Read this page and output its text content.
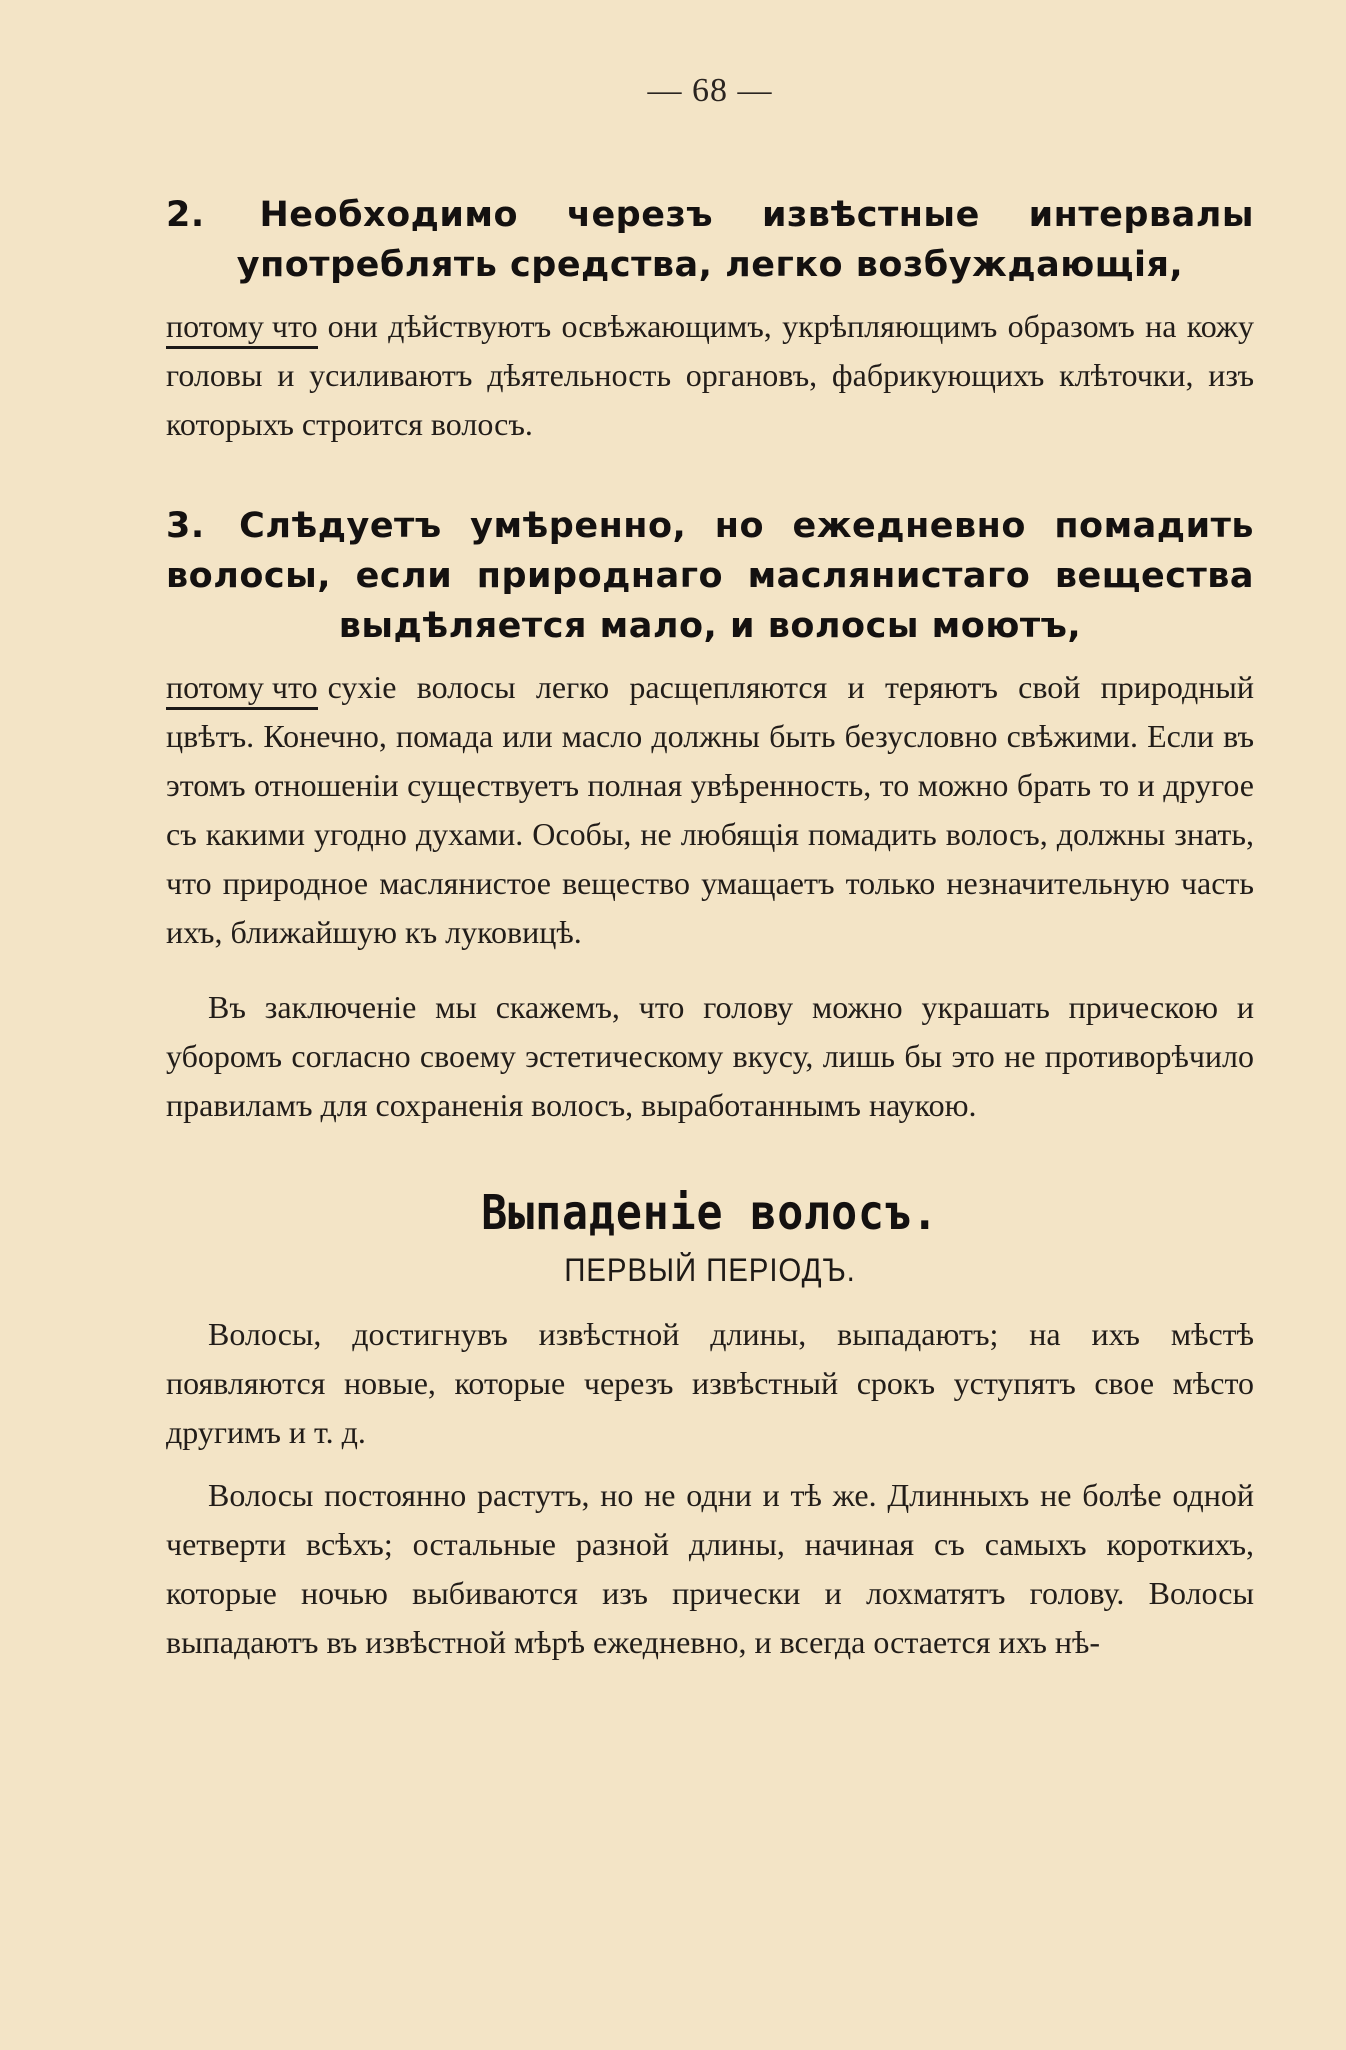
— 68 —
2. Необходимо черезъ извѣстные интервалы употреблять средства, легко возбуждающія,

потому что они дѣйствуютъ освѣжающимъ, укрѣпляющимъ образомъ на кожу головы и усиливаютъ дѣятельность органовъ, фабрикующихъ клѣточки, изъ которыхъ строится волосъ.

3. Слѣдуетъ умѣренно, но ежедневно помадить волосы, если природнаго маслянистаго вещества выдѣляется мало, и волосы моютъ,

потому что сухіе волосы легко расщепляются и теряютъ свой природный цвѣтъ. Конечно, помада или масло должны быть безусловно свѣжими. Если въ этомъ отношеніи существуетъ полная увѣренность, то можно брать то и другое съ какими угодно духами. Особы, не любящія помадить волосъ, должны знать, что природное маслянистое вещество умащаетъ только незначительную часть ихъ, ближайшую къ луковицѣ.

Въ заключеніе мы скажемъ, что голову можно украшать прическою и уборомъ согласно своему эстетическому вкусу, лишь бы это не противорѣчило правиламъ для сохраненія волосъ, выработаннымъ наукою.

Выпаденіе волосъ.
ПЕРВЫЙ ПЕРІОДЪ.

Волосы, достигнувъ извѣстной длины, выпадаютъ; на ихъ мѣстѣ появляются новые, которые черезъ извѣстный срокъ уступятъ свое мѣсто другимъ и т. д.

Волосы постоянно растутъ, но не одни и тѣ же. Длинныхъ не болѣе одной четверти всѣхъ; остальные разной длины, начиная съ самыхъ короткихъ, которые ночью выбиваются изъ прически и лохматятъ голову. Волосы выпадаютъ въ извѣстной мѣрѣ ежедневно, и всегда остается ихъ нѣ-
